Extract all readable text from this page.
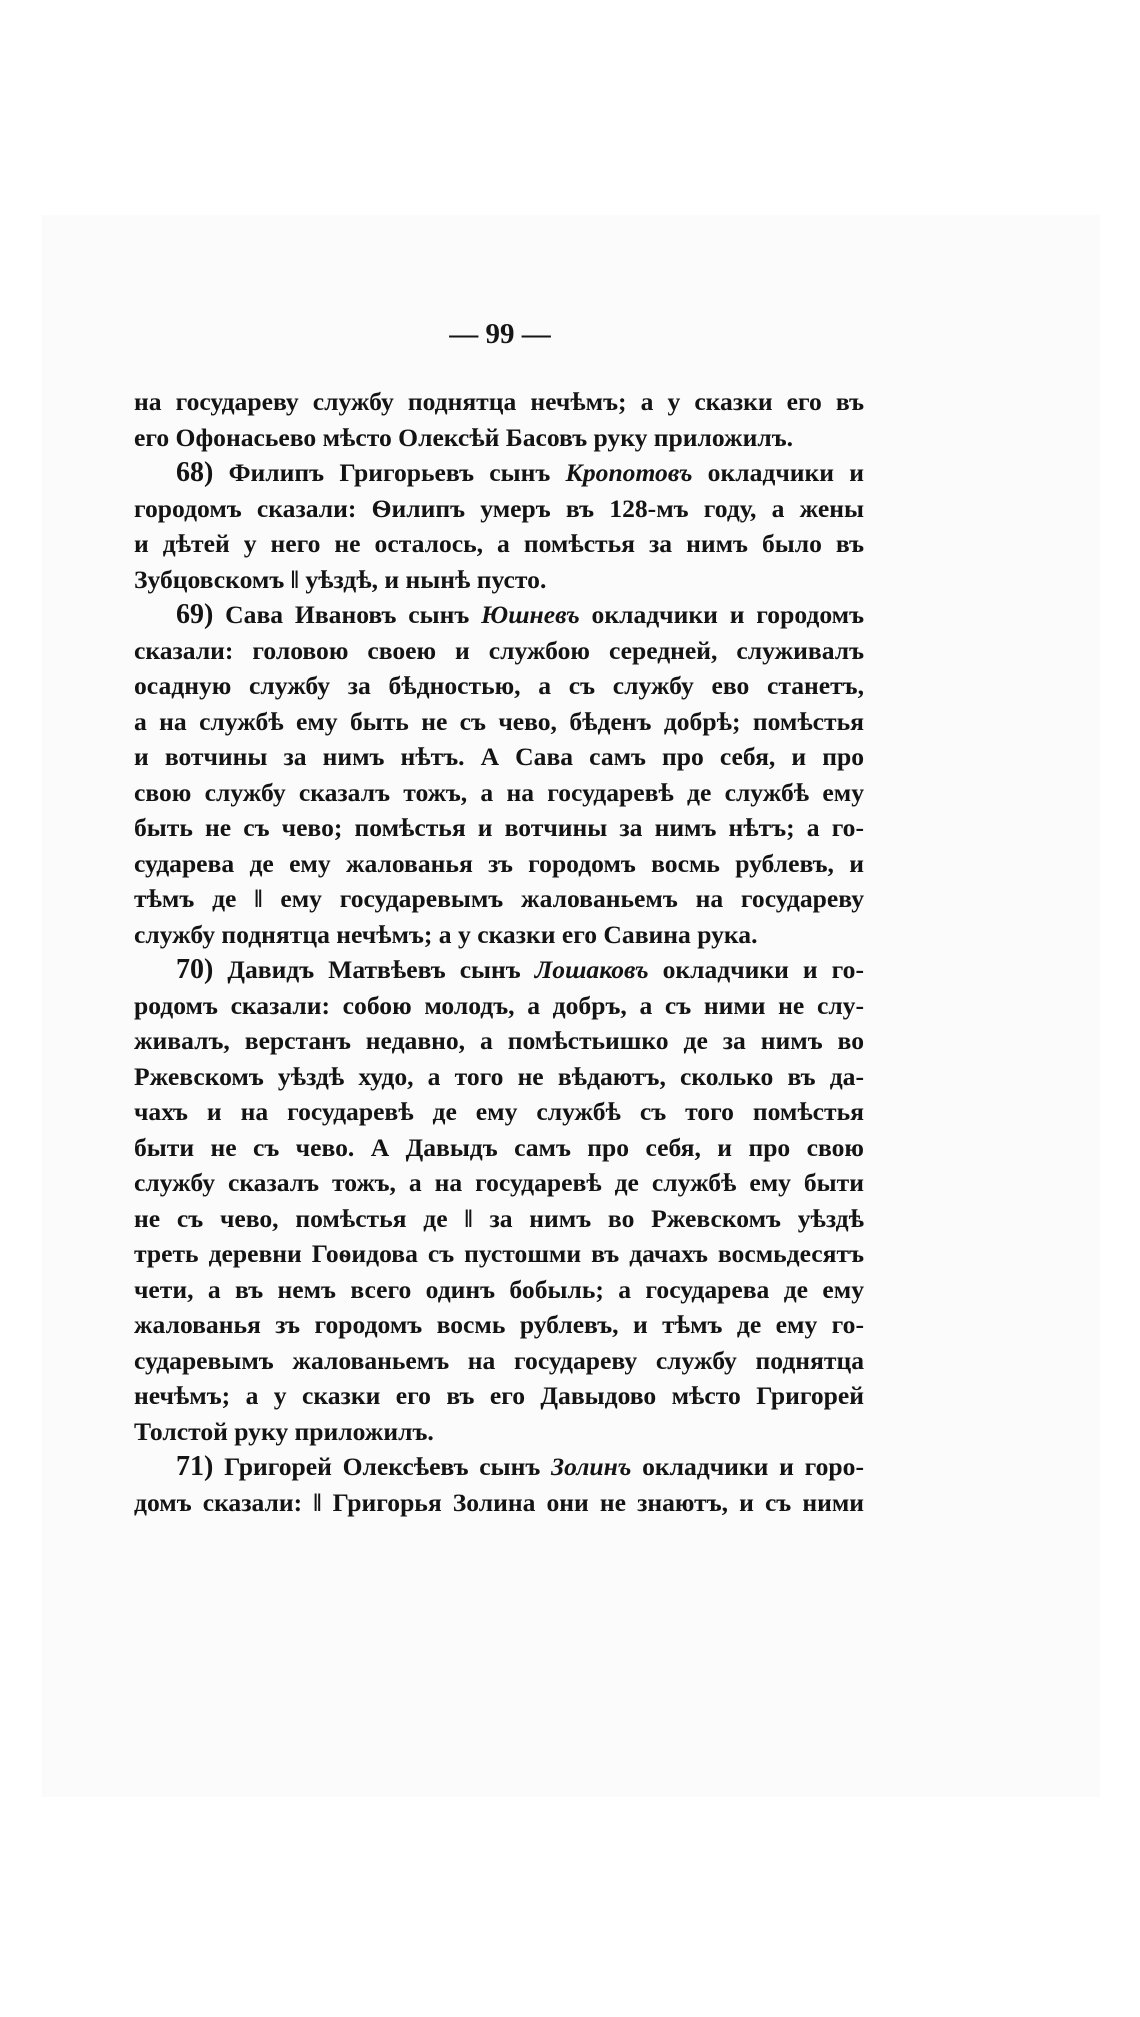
— 99 —
на государеву службу поднятца нечѣмъ; а у сказки его въ
его Офонасьево мѣсто Олексѣй Басовъ руку приложилъ.
68) Филипъ Григорьевъ сынъ Кропотовъ окладчики и
городомъ сказали: Ѳилипъ умеръ въ 128-мъ году, а жены
и дѣтей у него не осталось, а помѣстья за нимъ было въ
Зубцовскомъ ‖ уѣздѣ, и нынѣ пусто.
69) Сава Ивановъ сынъ Юшневъ окладчики и городомъ
сказали: головою своею и службою середней, служивалъ
осадную службу за бѣдностью, а съ службу ево станетъ,
а на службѣ ему быть не съ чево, бѣденъ добрѣ; помѣстья
и вотчины за нимъ нѣтъ. А Сава самъ про себя, и про
свою службу сказалъ тожъ, а на государевѣ де службѣ ему
быть не съ чево; помѣстья и вотчины за нимъ нѣтъ; а го-
сударева де ему жалованья зъ городомъ восмь рублевъ, и
тѣмъ де ‖ ему государевымъ жалованьемъ на государеву
службу поднятца нечѣмъ; а у сказки его Савина рука.
70) Давидъ Матвѣевъ сынъ Лошаковъ окладчики и го-
родомъ сказали: собою молодъ, а добръ, а съ ними не слу-
живалъ, верстанъ недавно, а помѣстьишко де за нимъ во
Ржевскомъ уѣздѣ худо, а того не вѣдаютъ, сколько въ да-
чахъ и на государевѣ де ему службѣ съ того помѣстья
быти не съ чево. А Давыдъ самъ про себя, и про свою
службу сказалъ тожъ, а на государевѣ де службѣ ему быти
не съ чево, помѣстья де ‖ за нимъ во Ржевскомъ уѣздѣ
треть деревни Гоѳидова съ пустошми въ дачахъ восмьдесятъ
чети, а въ немъ всего одинъ бобыль; а государева де ему
жалованья зъ городомъ восмь рублевъ, и тѣмъ де ему го-
сударевымъ жалованьемъ на государеву службу поднятца
нечѣмъ; а у сказки его въ его Давыдово мѣсто Григорей
Толстой руку приложилъ.
71) Григорей Олексѣевъ сынъ Золинъ окладчики и горо-
домъ сказали: ‖ Григорья Золина они не знаютъ, и съ ними
